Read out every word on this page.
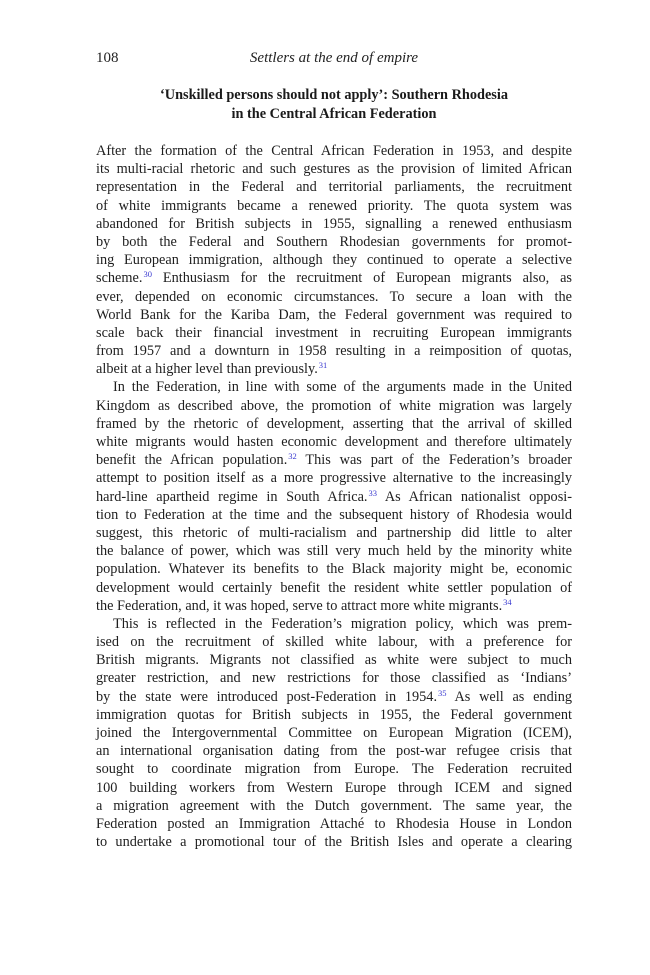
108	Settlers at the end of empire
‘Unskilled persons should not apply’: Southern Rhodesia
in the Central African Federation
After the formation of the Central African Federation in 1953, and despite
its multi-racial rhetoric and such gestures as the provision of limited African
representation in the Federal and territorial parliaments, the recruitment
of white immigrants became a renewed priority. The quota system was
abandoned for British subjects in 1955, signalling a renewed enthusiasm
by both the Federal and Southern Rhodesian governments for promot-
ing European immigration, although they continued to operate a selective
scheme.$^{30}$ Enthusiasm for the recruitment of European migrants also, as
ever, depended on economic circumstances. To secure a loan with the
World Bank for the Kariba Dam, the Federal government was required to
scale back their financial investment in recruiting European immigrants
from 1957 and a downturn in 1958 resulting in a reimposition of quotas,
albeit at a higher level than previously.$^{31}$
In the Federation, in line with some of the arguments made in the United
Kingdom as described above, the promotion of white migration was largely
framed by the rhetoric of development, asserting that the arrival of skilled
white migrants would hasten economic development and therefore ultimately
benefit the African population.$^{32}$ This was part of the Federation’s broader
attempt to position itself as a more progressive alternative to the increasingly
hard-line apartheid regime in South Africa.$^{33}$ As African nationalist opposi-
tion to Federation at the time and the subsequent history of Rhodesia would
suggest, this rhetoric of multi-racialism and partnership did little to alter
the balance of power, which was still very much held by the minority white
population. Whatever its benefits to the Black majority might be, economic
development would certainly benefit the resident white settler population of
the Federation, and, it was hoped, serve to attract more white migrants.$^{34}$
This is reflected in the Federation’s migration policy, which was prem-
ised on the recruitment of skilled white labour, with a preference for
British migrants. Migrants not classified as white were subject to much
greater restriction, and new restrictions for those classified as ‘Indians’
by the state were introduced post-Federation in 1954.35 As well as ending
immigration quotas for British subjects in 1955, the Federal government
joined the Intergovernmental Committee on European Migration (ICEM),
an international organisation dating from the post-war refugee crisis that
sought to coordinate migration from Europe. The Federation recruited
100 building workers from Western Europe through ICEM and signed
a migration agreement with the Dutch government. The same year, the
Federation posted an Immigration Attaché to Rhodesia House in London
to undertake a promotional tour of the British Isles and operate a clearing
